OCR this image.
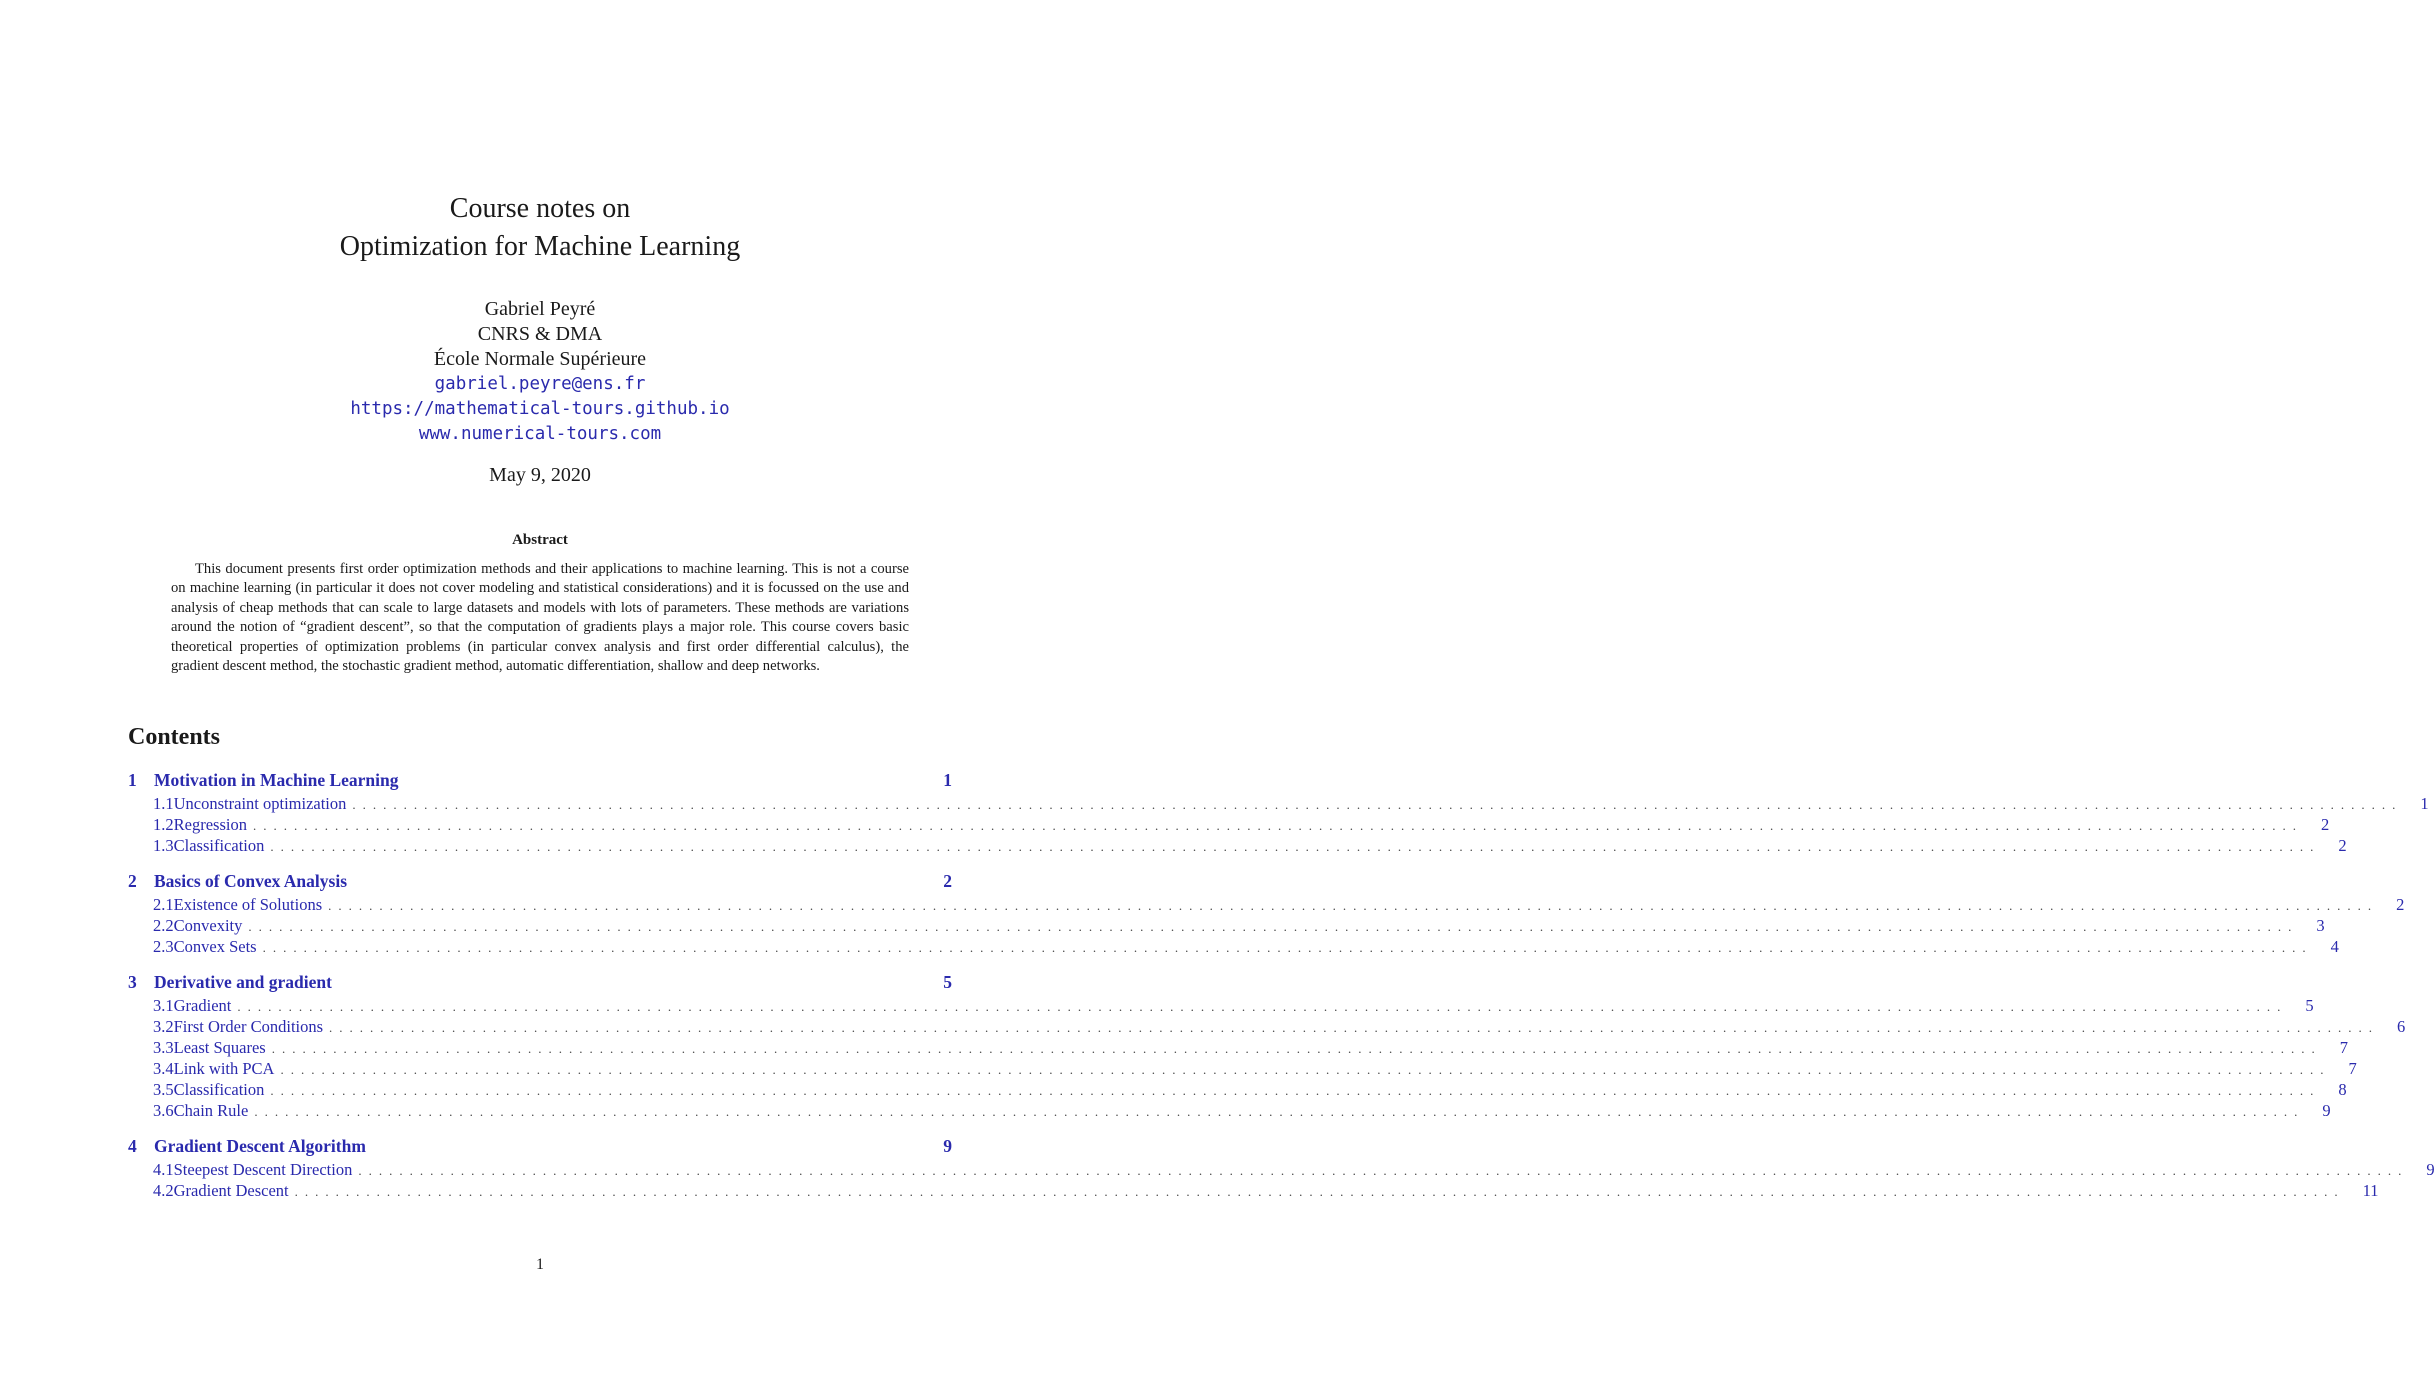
Course notes on
Optimization for Machine Learning
Gabriel Peyré
CNRS & DMA
École Normale Supérieure
gabriel.peyre@ens.fr
https://mathematical-tours.github.io
www.numerical-tours.com
May 9, 2020
Abstract

This document presents first order optimization methods and their applications to machine learning. This is not a course on machine learning (in particular it does not cover modeling and statistical considerations) and it is focussed on the use and analysis of cheap methods that can scale to large datasets and models with lots of parameters. These methods are variations around the notion of “gradient descent”, so that the computation of gradients plays a major role. This course covers basic theoretical properties of optimization problems (in particular convex analysis and first order differential calculus), the gradient descent method, the stochastic gradient method, automatic differentiation, shallow and deep networks.

Contents
1 Motivation in Machine Learning	1
1.1 Unconstraint optimization ........................................................................................................................................................................................................ 1
1.2 Regression ........................................................................................................................................................................................................ 2
1.3 Classification ........................................................................................................................................................................................................ 2
2 Basics of Convex Analysis	2
2.1 Existence of Solutions ........................................................................................................................................................................................................ 2
2.2 Convexity ........................................................................................................................................................................................................ 3
2.3 Convex Sets ........................................................................................................................................................................................................ 4
3 Derivative and gradient	5
3.1 Gradient ........................................................................................................................................................................................................ 5
3.2 First Order Conditions ........................................................................................................................................................................................................ 6
3.3 Least Squares ........................................................................................................................................................................................................ 7
3.4 Link with PCA ........................................................................................................................................................................................................ 7
3.5 Classification ........................................................................................................................................................................................................ 8
3.6 Chain Rule ........................................................................................................................................................................................................ 9
4 Gradient Descent Algorithm	9
4.1 Steepest Descent Direction ........................................................................................................................................................................................................ 9
4.2 Gradient Descent ........................................................................................................................................................................................................ 11
1
